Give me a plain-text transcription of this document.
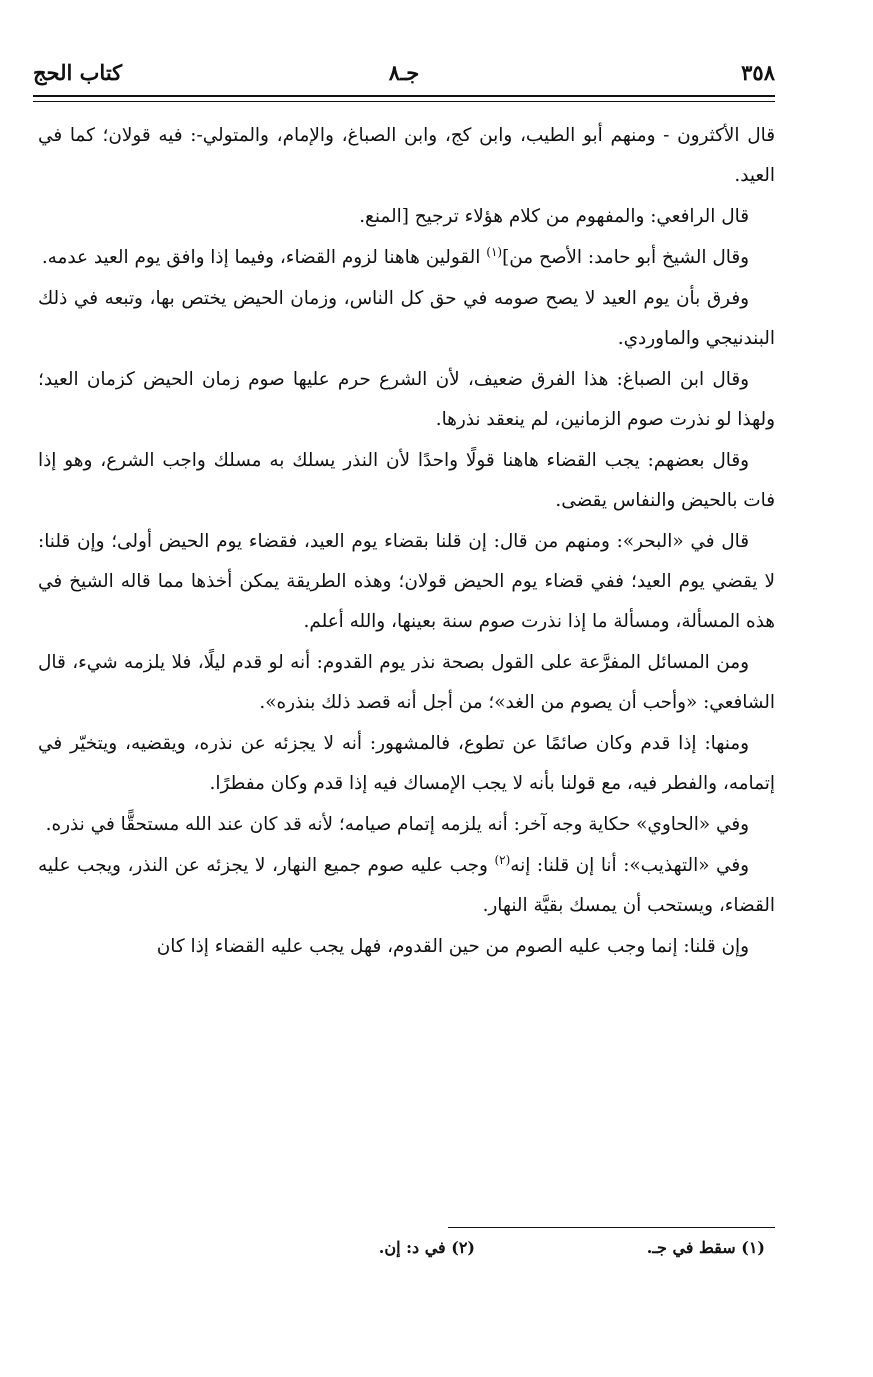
٣٥٨
جـ٨
كتاب الحج

قال الأكثرون - ومنهم أبو الطيب، وابن كج، وابن الصباغ، والإمام، والمتولي-: فيه قولان؛ كما في العيد.

قال الرافعي: والمفهوم من كلام هؤلاء ترجيح [المنع.

وقال الشيخ أبو حامد: الأصح من]$^{(١)}$ القولين هاهنا لزوم القضاء، وفيما إذا وافق يوم العيد عدمه.

وفرق بأن يوم العيد لا يصح صومه في حق كل الناس، وزمان الحيض يختص بها، وتبعه في ذلك البندنيجي والماوردي.

وقال ابن الصباغ: هذا الفرق ضعيف، لأن الشرع حرم عليها صوم زمان الحيض كزمان العيد؛ ولهذا لو نذرت صوم الزمانين، لم ينعقد نذرها.

وقال بعضهم: يجب القضاء هاهنا قولًا واحدًا لأن النذر يسلك به مسلك واجب الشرع، وهو إذا فات بالحيض والنفاس يقضى.

قال في «البحر»: ومنهم من قال: إن قلنا بقضاء يوم العيد، فقضاء يوم الحيض أولى؛ وإن قلنا: لا يقضي يوم العيد؛ ففي قضاء يوم الحيض قولان؛ وهذه الطريقة يمكن أخذها مما قاله الشيخ في هذه المسألة، ومسألة ما إذا نذرت صوم سنة بعينها، والله أعلم.

ومن المسائل المفرَّعة على القول بصحة نذر يوم القدوم: أنه لو قدم ليلًا، فلا يلزمه شيء، قال الشافعي: «وأحب أن يصوم من الغد»؛ من أجل أنه قصد ذلك بنذره».

ومنها: إذا قدم وكان صائمًا عن تطوع، فالمشهور: أنه لا يجزئه عن نذره، ويقضيه، ويتخيّر في إتمامه، والفطر فيه، مع قولنا بأنه لا يجب الإمساك فيه إذا قدم وكان مفطرًا.

وفي «الحاوي» حكاية وجه آخر: أنه يلزمه إتمام صيامه؛ لأنه قد كان عند الله مستحقًّا في نذره.

وفي «التهذيب»: أنا إن قلنا: إنه$^{(٢)}$ وجب عليه صوم جميع النهار، لا يجزئه عن النذر، ويجب عليه القضاء، ويستحب أن يمسك بقيَّة النهار.

وإن قلنا: إنما وجب عليه الصوم من حين القدوم، فهل يجب عليه القضاء إذا كان

(١) سقط في جـ.
(٢) في د: إن.
